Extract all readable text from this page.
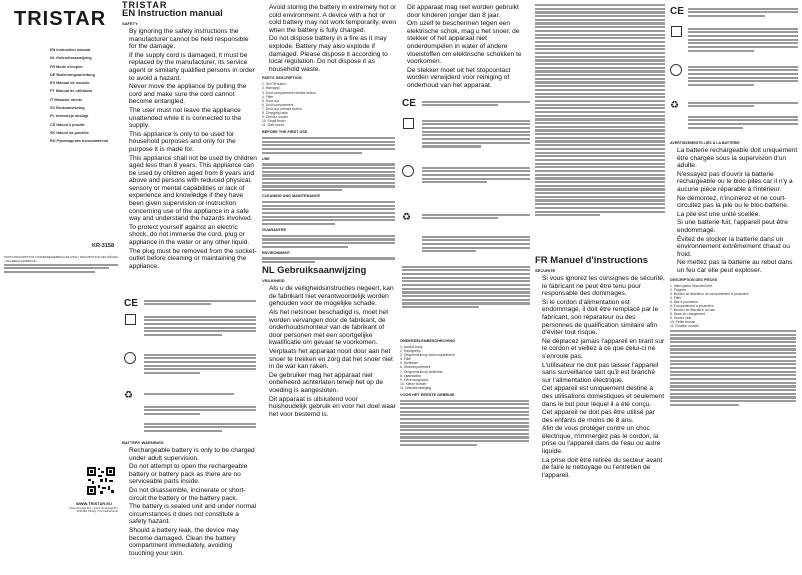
TRISTAR
EN Instruction manual
NL Gebruiksaanwijzing
FR Mode d'emploi
DE Bedienungsanleitung
ES Manual de usuario
PT Manual de utilizador
IT Manuale utente
SV Bruksanvisning
PL Instrukcja obsługi
CS Návod k použití
SK Návod na použitie
RU Руководство пользователя
KR-3158
PARTS DESCRIPTION | ONDERDELENBESCHRIJVING | DESCRIPTION DES PIÈCES | TEILEBESCHREIBUNG
WWW.TRISTAR.EU
Tristar Europe B.V. | Jules Verneweg 87 | 5015 BH Tilburg | The Netherlands
TRISTAR
EN Instruction manual
SAFETY
• By ignoring the safety instructions the manufacturer cannot be held responsible for the damage.
• If the supply cord is damaged, it must be replaced by the manufacturer, its service agent or similarly qualified persons in order to avoid a hazard.
• Never move the appliance by pulling the cord and make sure the cord cannot become entangled.
• The user must not leave the appliance unattended while it is connected to the supply.
• This appliance is only to be used for household purposes and only for the purpose it is made for.
• This appliance shall not be used by children aged less than 8 years. This appliance can be used by children aged from 8 years and above and persons with reduced physical, sensory or mental capabilities or lack of experience and knowledge if they have been given supervision or instruction concerning use of the appliance in a safe way and understand the hazards involved.
• To protect yourself against an electric shock, do not immerse the cord, plug or appliance in the water or any other liquid.
• The plug must be removed from the socket-outlet before cleaning or maintaining the appliance.
CE
♻
BATTERY WARNINGS
• Rechargeable battery is only to be charged under adult supervision.
• Do not attempt to open the rechargeable battery or battery pack as there are no serviceable parts inside.
• Do not disassemble, incinerate or short-circuit the battery or the battery pack.
• The battery is sealed unit and under normal circumstances it does not constitute a safety hazard.
• Should a battery leak, the device may become damaged. Clean the battery compartment immediately, avoiding touching your skin.
• Avoid storing the battery in extremely hot or cold environment. A device with a hot or cold battery may not work temporarily, even when the battery is fully charged.
• Do not dispose battery in a fire as it may explode. Battery may also explode if damaged. Please dispose it according to local regulation. Do not dispose it as household waste.
PARTS DESCRIPTION
1. On/Off button
2. Handgrip
3. Dust compartment release button
4. Filter
5. Dust cup
6. Dust compartment
7. Dust cup release button
8. Charging base
9. Crevice nozzle
10. Small brush
11. Wall mount
BEFORE THE FIRST USE
USE
CLEANING AND MAINTENANCE
GUARANTEE
ENVIRONMENT
NL Gebruiksaanwijzing
VEILIGHEID
• Als u de veiligheidsinstructies negeert, kan de fabrikant niet verantwoordelijk worden gehouden voor de mogelijke schade.
• Als het netsnoer beschadigd is, moet het worden vervangen door de fabrikant, de onderhoudsmonteur van de fabrikant of door personen met een soortgelijke kwalificatie om gevaar te voorkomen.
• Verplaats het apparaat nooit door aan het snoer te trekken en zorg dat het snoer niet in de war kan raken.
• De gebruiker mag het apparaat niet onbeheerd achterlaten terwijl het op de voeding is aangesloten.
• Dit apparaat is uitsluitend voor huishoudelijk gebruik en voor het doel waar het voor bestemd is.
• Dit apparaat mag niet worden gebruikt door kinderen jonger dan 8 jaar.
• Om uzelf te beschermen tegen een elektrische schok, mag u het snoer, de stekker of het apparaat niet onderdompelen in water of andere vloeistoffen om elektrische schokken te voorkomen.
• De stekker moet uit het stopcontact worden verwijderd voor reiniging of onderhoud van het apparaat.
CE
♻
ONDERDELENBESCHRIJVING
1. Aan/uit-knop
2. Handgreep
3. Ontgrendelknop stofcompartiment
4. Filter
5. Stofbeker
6. Stofcompartiment
7. Ontgrendelknop stofbeker
8. Laadstation
9. Kierenzuigmond
10. Kleine borstel
11. Wandbevestiging
VOOR HET EERSTE GEBRUIK
FR Manuel d'instructions
SÉCURITÉ
• Si vous ignorez les consignes de sécurité, le fabricant ne peut être tenu pour responsable des dommages.
• Si le cordon d'alimentation est endommagé, il doit être remplacé par le fabricant, son réparateur ou des personnes de qualification similaire afin d'éviter tout risque.
• Ne déplacez jamais l'appareil en tirant sur le cordon et veillez à ce que celui-ci ne s'enroule pas.
• L'utilisateur ne doit pas laisser l'appareil sans surveillance tant qu'il est branché sur l'alimentation électrique.
• Cet appareil est uniquement destiné à des utilisations domestiques et seulement dans le but pour lequel il a été conçu.
• Cet appareil ne doit pas être utilisé par des enfants de moins de 8 ans.
• Afin de vous protéger contre un choc électrique, n'immergez pas le cordon, la prise ou l'appareil dans de l'eau ou autre liquide.
• La prise doit être retirée du secteur avant de faire le nettoyage ou l'entretien de l'appareil.
CE
♻
AVERTISSEMENTS LIÉS À LA BATTERIE
• La batterie rechargeable doit uniquement être chargée sous la supervision d'un adulte.
• N'essayez pas d'ouvrir la batterie rechargeable ou le bloc-piles car il n'y a aucune pièce réparable à l'intérieur.
• Ne démontez, n'incinérez et ne court-circuitez pas la pile ou le bloc-batterie.
• La pile est une unité scellée.
• Si une batterie fuit, l'appareil peut être endommagé.
• Évitez de stocker la batterie dans un environnement extrêmement chaud ou froid.
• Ne mettez pas la batterie au rebut dans un feu car elle peut exploser.
DESCRIPTION DES PIÈCES
1. Interrupteur Marche/Arrêt
2. Poignée
3. Bouton de libération du compartiment à poussière
4. Filtre
5. Bac à poussière
6. Compartiment à poussière
7. Bouton de libération du bac
8. Base de chargement
9. Suceur plat
10. Petite brosse
11. Fixation murale
